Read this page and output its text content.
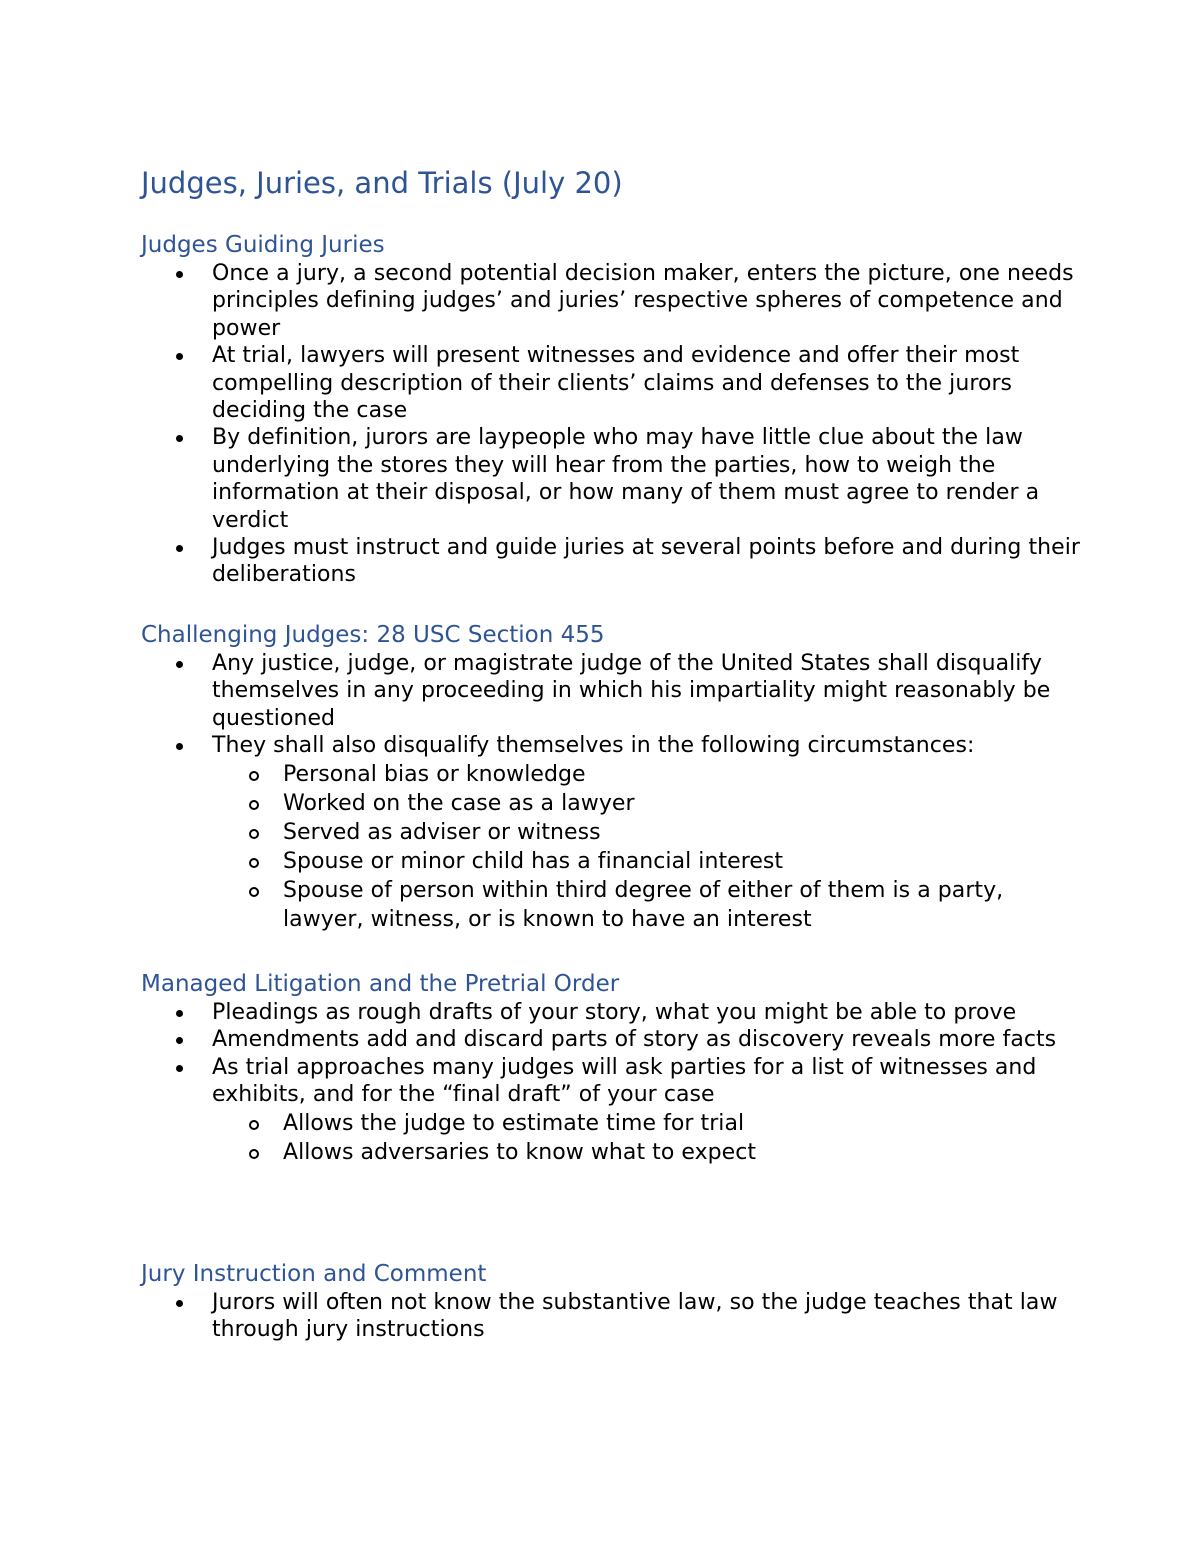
Judges, Juries, and Trials (July 20)
Judges Guiding Juries
Once a jury, a second potential decision maker, enters the picture, one needs principles defining judges’ and juries’ respective spheres of competence and power
At trial, lawyers will present witnesses and evidence and offer their most compelling description of their clients’ claims and defenses to the jurors deciding the case
By definition, jurors are laypeople who may have little clue about the law underlying the stores they will hear from the parties, how to weigh the information at their disposal, or how many of them must agree to render a verdict
Judges must instruct and guide juries at several points before and during their deliberations
Challenging Judges: 28 USC Section 455
Any justice, judge, or magistrate judge of the United States shall disqualify themselves in any proceeding in which his impartiality might reasonably be questioned
They shall also disqualify themselves in the following circumstances:
Personal bias or knowledge
Worked on the case as a lawyer
Served as adviser or witness
Spouse or minor child has a financial interest
Spouse of person within third degree of either of them is a party, lawyer, witness, or is known to have an interest
Managed Litigation and the Pretrial Order
Pleadings as rough drafts of your story, what you might be able to prove
Amendments add and discard parts of story as discovery reveals more facts
As trial approaches many judges will ask parties for a list of witnesses and exhibits, and for the “final draft” of your case
Allows the judge to estimate time for trial
Allows adversaries to know what to expect
Jury Instruction and Comment
Jurors will often not know the substantive law, so the judge teaches that law through jury instructions
